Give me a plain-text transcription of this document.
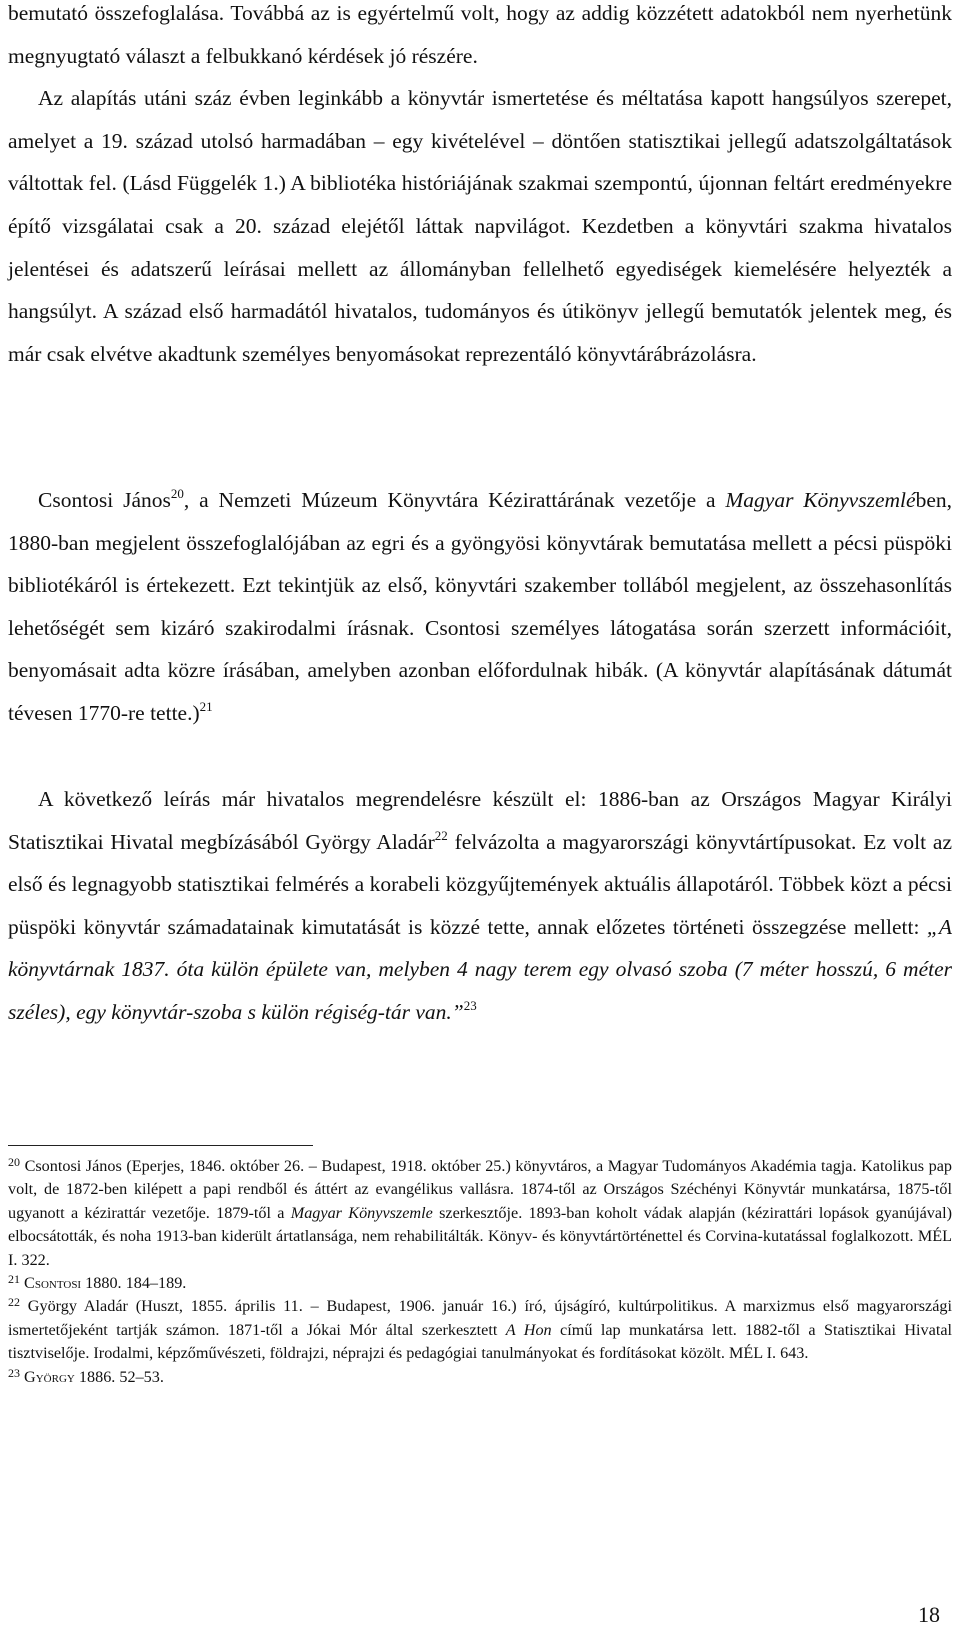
bemutató összefoglalása. Továbbá az is egyértelmű volt, hogy az addig közzétett adatokból nem nyerhetünk megnyugtató választ a felbukkanó kérdések jó részére.
Az alapítás utáni száz évben leginkább a könyvtár ismertetése és méltatása kapott hangsúlyos szerepet, amelyet a 19. század utolsó harmadában – egy kivételével – döntően statisztikai jellegű adatszolgáltatások váltottak fel. (Lásd Függelék 1.) A bibliotéka históriájának szakmai szempontú, újonnan feltárt eredményekre építő vizsgálatai csak a 20. század elejétől láttak napvilágot. Kezdetben a könyvtári szakma hivatalos jelentései és adatszerű leírásai mellett az állományban fellelhető egyediségek kiemelésére helyezték a hangsúlyt. A század első harmadától hivatalos, tudományos és útikönyv jellegű bemutatók jelentek meg, és már csak elvétve akadtunk személyes benyomásokat reprezentáló könyvtárábrázolásra.

Csontosi János$^{20}$, a Nemzeti Múzeum Könyvtára Kézirattárának vezetője a Magyar Könyvszemlében, 1880-ban megjelent összefoglalójában az egri és a gyöngyösi könyvtárak bemutatása mellett a pécsi püspöki bibliotékáról is értekezett. Ezt tekintjük az első, könyvtári szakember tollából megjelent, az összehasonlítás lehetőségét sem kizáró szakirodalmi írásnak. Csontosi személyes látogatása során szerzett információit, benyomásait adta közre írásában, amelyben azonban előfordulnak hibák. (A könyvtár alapításának dátumát tévesen 1770-re tette.)$^{21}$

A következő leírás már hivatalos megrendelésre készült el: 1886-ban az Országos Magyar Királyi Statisztikai Hivatal megbízásából György Aladár$^{22}$ felvázolta a magyarországi könyvtártípusokat. Ez volt az első és legnagyobb statisztikai felmérés a korabeli közgyűjtemények aktuális állapotáról. Többek közt a pécsi püspöki könyvtár számadatainak kimutatását is közzé tette, annak előzetes történeti összegzése mellett: „A könyvtárnak 1837. óta külön épülete van, melyben 4 nagy terem egy olvasó szoba (7 méter hosszú, 6 méter széles), egy könyvtár-szoba s külön régiség-tár van.”$^{23}$

$^{20}$ Csontosi János (Eperjes, 1846. október 26. – Budapest, 1918. október 25.) könyvtáros, a Magyar Tudományos Akadémia tagja. Katolikus pap volt, de 1872-ben kilépett a papi rendből és áttért az evangélikus vallásra. 1874-től az Országos Széchényi Könyvtár munkatársa, 1875-től ugyanott a kézirattár vezetője. 1879-től a Magyar Könyvszemle szerkesztője. 1893-ban koholt vádak alapján (kézirattári lopások gyanújával) elbocsátották, és noha 1913-ban kiderült ártatlansága, nem rehabilitálták. Könyv- és könyvtártörténettel és Corvina-kutatással foglalkozott. MÉL I. 322.

$^{21}$ Csontosi 1880. 184–189.

$^{22}$ György Aladár (Huszt, 1855. április 11. – Budapest, 1906. január 16.) író, újságíró, kultúrpolitikus. A marxizmus első magyarországi ismertetőjeként tartják számon. 1871-től a Jókai Mór által szerkesztett A Hon című lap munkatársa lett. 1882-től a Statisztikai Hivatal tisztviselője. Irodalmi, képzőművészeti, földrajzi, néprajzi és pedagógiai tanulmányokat és fordításokat közölt. MÉL I. 643.

$^{23}$ György 1886. 52–53.

18
